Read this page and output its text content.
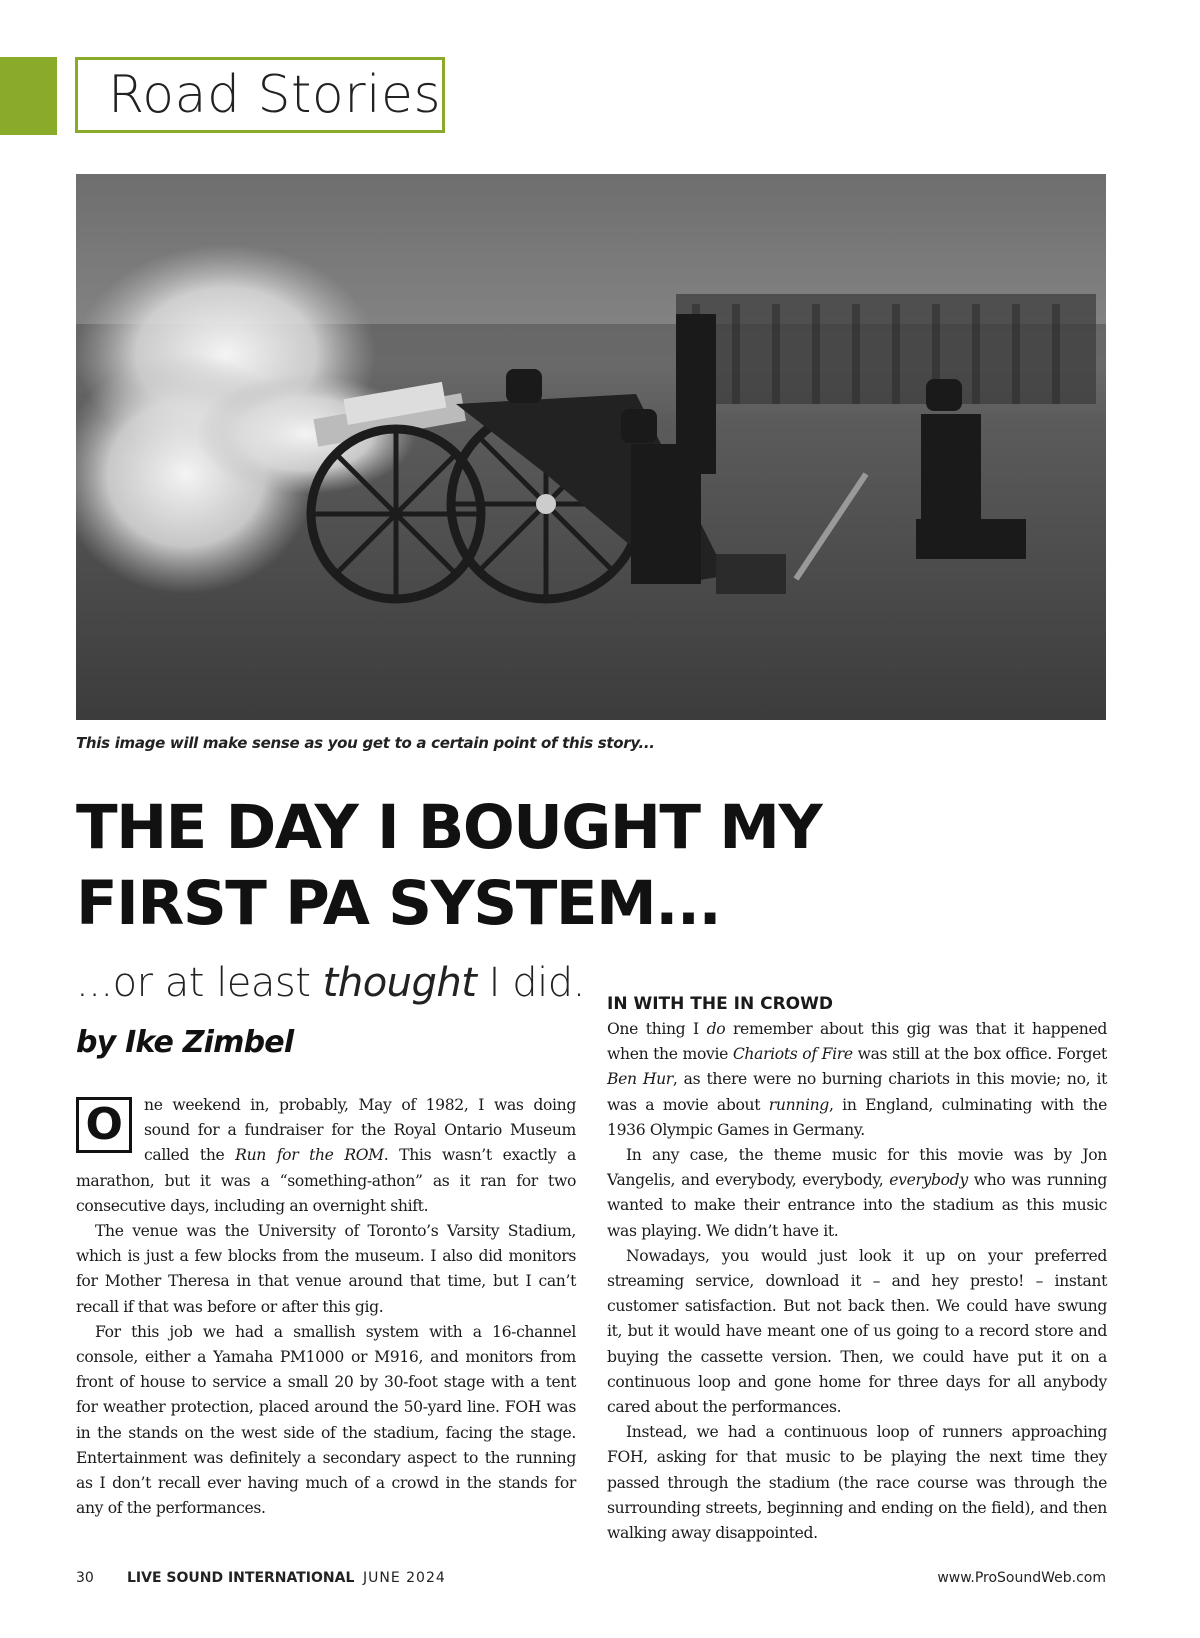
Road Stories
This image will make sense as you get to a certain point of this story...
THE DAY I BOUGHT MY
FIRST PA SYSTEM...
...or at least thought I did.
by Ike Zimbel

O	ne weekend in, probably, May of 1982, I was doing sound for a fundraiser for the Royal Ontario Museum called the Run for the ROM. This wasn’t exactly a marathon, but it was a “something-athon” as it ran for two consecutive days, including an overnight shift.

The venue was the University of Toronto’s Varsity Stadium, which is just a few blocks from the museum. I also did monitors for Mother Theresa in that venue around that time, but I can’t recall if that was before or after this gig.

For this job we had a smallish system with a 16-channel console, either a Yamaha PM1000 or M916, and monitors from front of house to service a small 20 by 30-foot stage with a tent for weather protection, placed around the 50-yard line. FOH was in the stands on the west side of the stadium, facing the stage. Entertainment was definitely a secondary aspect to the running as I don’t recall ever having much of a crowd in the stands for any of the performances.

IN WITH THE IN CROWD

One thing I do remember about this gig was that it happened when the movie Chariots of Fire was still at the box office. Forget Ben Hur, as there were no burning chariots in this movie; no, it was a movie about running, in England, culminating with the 1936 Olympic Games in Germany.

In any case, the theme music for this movie was by Jon Vangelis, and everybody, everybody, everybody who was running wanted to make their entrance into the stadium as this music was playing. We didn’t have it.

Nowadays, you would just look it up on your preferred streaming service, download it – and hey presto! – instant customer satisfaction. But not back then. We could have swung it, but it would have meant one of us going to a record store and buying the cassette version. Then, we could have put it on a continuous loop and gone home for three days for all anybody cared about the performances.

Instead, we had a continuous loop of runners approaching FOH, asking for that music to be playing the next time they passed through the stadium (the race course was through the surrounding streets, beginning and ending on the field), and then walking away disappointed.

30 LIVE SOUND INTERNATIONAL JUNE 2024	www.ProSoundWeb.com
